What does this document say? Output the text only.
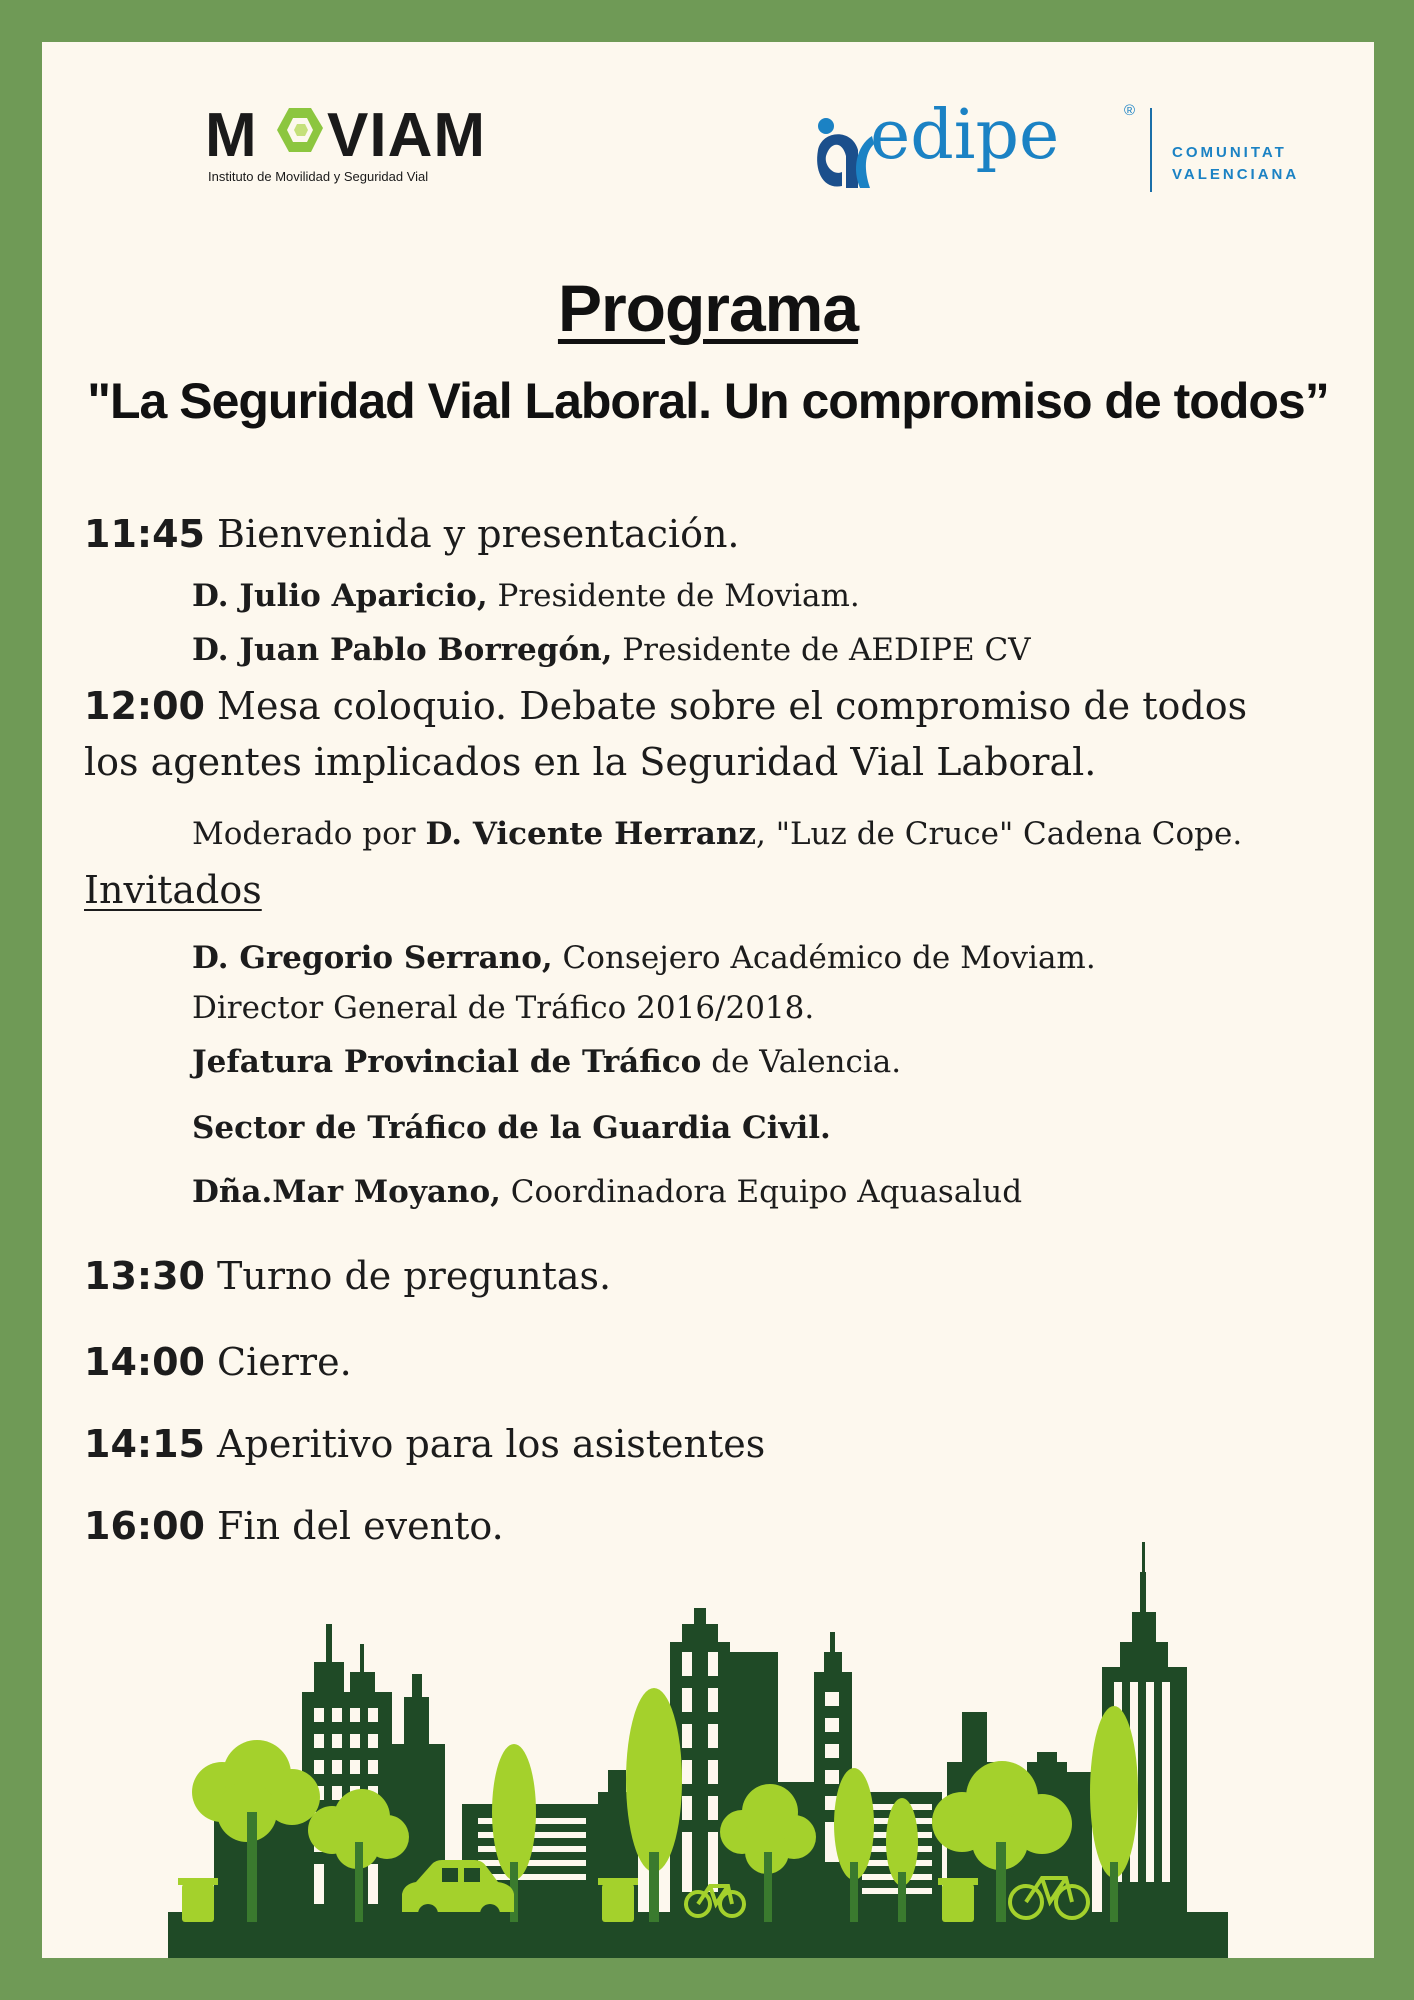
M VIAM
Instituto de Movilidad y Seguridad Vial
edipe	®
COMUNITAT
VALENCIANA
Programa
"La Seguridad Vial Laboral. Un compromiso de todos”
11:45 Bienvenida y presentación.
D. Julio Aparicio, Presidente de Moviam.
D. Juan Pablo Borregón, Presidente de AEDIPE CV
12:00 Mesa coloquio. Debate sobre el compromiso de todos
los agentes implicados en la Seguridad Vial Laboral.
Moderado por D. Vicente Herranz, "Luz de Cruce" Cadena Cope.
Invitados
D. Gregorio Serrano, Consejero Académico de Moviam.
Director General de Tráfico 2016/2018.
Jefatura Provincial de Tráfico de Valencia.
Sector de Tráfico de la Guardia Civil.
Dña.Mar Moyano, Coordinadora Equipo Aquasalud
13:30 Turno de preguntas.
14:00 Cierre.
14:15 Aperitivo para los asistentes
16:00 Fin del evento.
